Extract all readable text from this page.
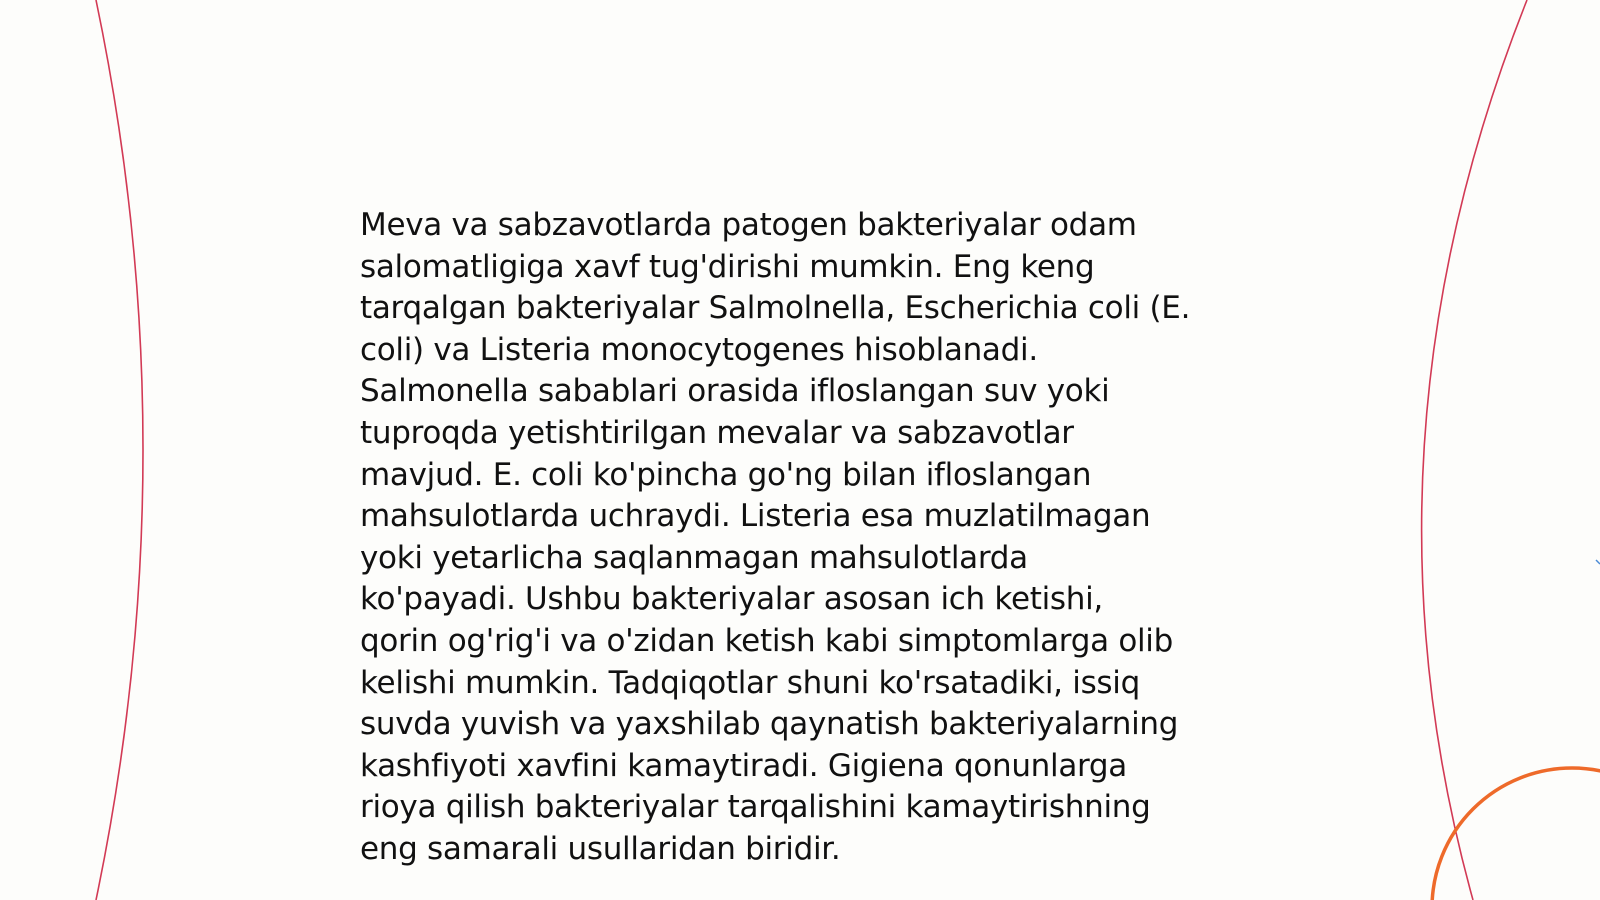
Meva va sabzavotlarda patogen bakteriyalar odam
salomatligiga xavf tug'dirishi mumkin. Eng keng
tarqalgan bakteriyalar Salmolnella, Escherichia coli (E.
coli) va Listeria monocytogenes hisoblanadi.
Salmonella sabablari orasida ifloslangan suv yoki
tuproqda yetishtirilgan mevalar va sabzavotlar
mavjud. E. coli ko'pincha go'ng bilan ifloslangan
mahsulotlarda uchraydi. Listeria esa muzlatilmagan
yoki yetarlicha saqlanmagan mahsulotlarda
ko'payadi. Ushbu bakteriyalar asosan ich ketishi,
qorin og'rig'i va o'zidan ketish kabi simptomlarga olib
kelishi mumkin. Tadqiqotlar shuni ko'rsatadiki, issiq
suvda yuvish va yaxshilab qaynatish bakteriyalarning
kashfiyoti xavfini kamaytiradi. Gigiena qonunlarga
rioya qilish bakteriyalar tarqalishini kamaytirishning
eng samarali usullaridan biridir.
